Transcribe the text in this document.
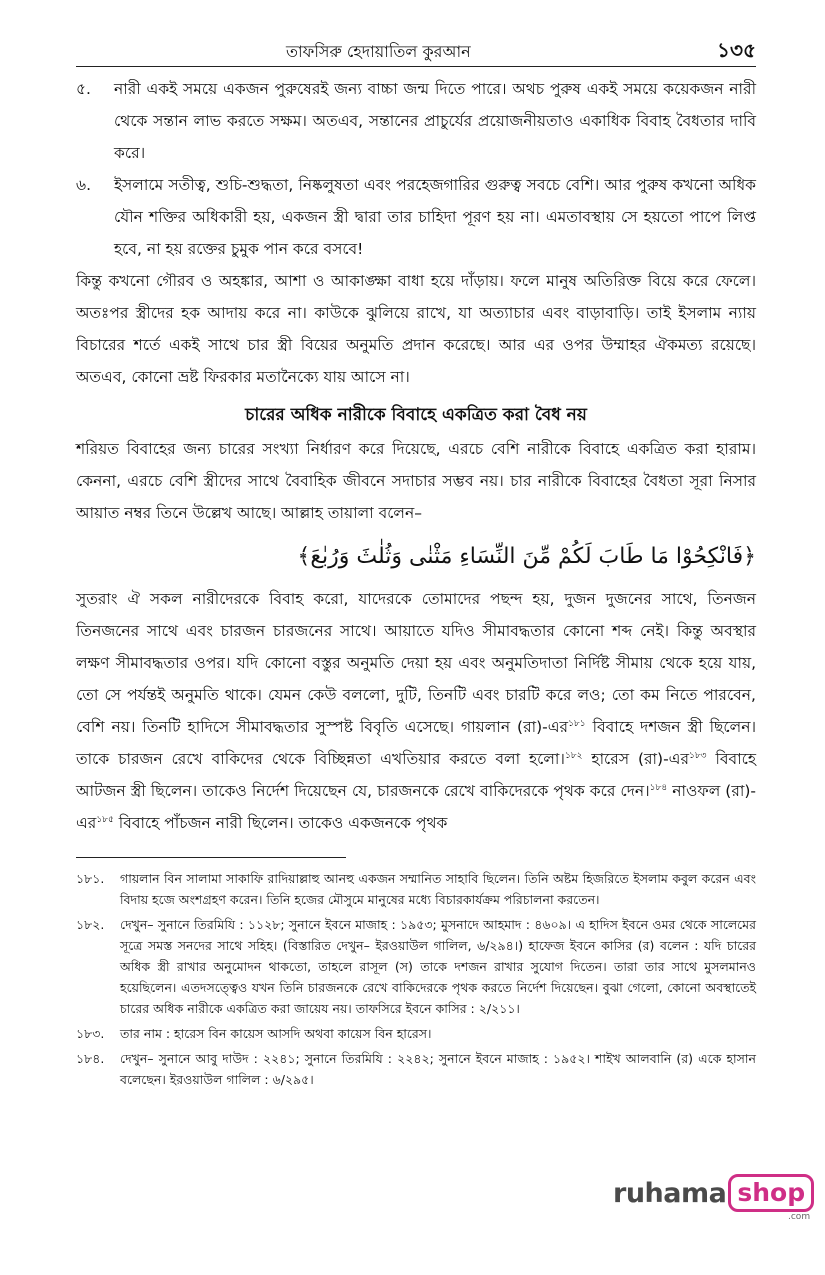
তাফসিরু হেদায়াতিল কুরআন	১৩৫
৫.	নারী একই সময়ে একজন পুরুষেরই জন্য বাচ্চা জন্ম দিতে পারে। অথচ পুরুষ একই সময়ে কয়েকজন নারী থেকে সন্তান লাভ করতে সক্ষম। অতএব, সন্তানের প্রাচুর্যের প্রয়োজনীয়তাও একাধিক বিবাহ বৈধতার দাবি করে।
৬.	ইসলামে সতীত্ব, শুচি-শুদ্ধতা, নিষ্কলুষতা এবং পরহেজগারির গুরুত্ব সবচে বেশি। আর পুরুষ কখনো অধিক যৌন শক্তির অধিকারী হয়, একজন স্ত্রী দ্বারা তার চাহিদা পূরণ হয় না। এমতাবস্থায় সে হয়তো পাপে লিপ্ত হবে, না হয় রক্তের চুমুক পান করে বসবে!

কিন্তু কখনো গৌরব ও অহঙ্কার, আশা ও আকাঙ্ক্ষা বাধা হয়ে দাঁড়ায়। ফলে মানুষ অতিরিক্ত বিয়ে করে ফেলে। অতঃপর স্ত্রীদের হক আদায় করে না। কাউকে ঝুলিয়ে রাখে, যা অত্যাচার এবং বাড়াবাড়ি। তাই ইসলাম ন্যায় বিচারের শর্তে একই সাথে চার স্ত্রী বিয়ের অনুমতি প্রদান করেছে। আর এর ওপর উম্মাহর ঐকমত্য রয়েছে। অতএব, কোনো ভ্রষ্ট ফিরকার মতানৈক্যে যায় আসে না।

চারের অধিক নারীকে বিবাহে একত্রিত করা বৈধ নয়

শরিয়ত বিবাহের জন্য চারের সংখ্যা নির্ধারণ করে দিয়েছে, এরচে বেশি নারীকে বিবাহে একত্রিত করা হারাম। কেননা, এরচে বেশি স্ত্রীদের সাথে বৈবাহিক জীবনে সদাচার সম্ভব নয়। চার নারীকে বিবাহের বৈধতা সূরা নিসার আয়াত নম্বর তিনে উল্লেখ আছে। আল্লাহ তায়ালা বলেন–

﴿فَانْكِحُوْا مَا طَابَ لَكُمْ مِّنَ النِّسَاءِ مَثْنٰى وَثُلٰثَ وَرُبٰعَ﴾

সুতরাং ঐ সকল নারীদেরকে বিবাহ করো, যাদেরকে তোমাদের পছন্দ হয়, দুজন দুজনের সাথে, তিনজন তিনজনের সাথে এবং চারজন চারজনের সাথে। আয়াতে যদিও সীমাবদ্ধতার কোনো শব্দ নেই। কিন্তু অবস্থার লক্ষণ সীমাবদ্ধতার ওপর। যদি কোনো বস্তুর অনুমতি দেয়া হয় এবং অনুমতিদাতা নির্দিষ্ট সীমায় থেকে হয়ে যায়, তো সে পর্যন্তই অনুমতি থাকে। যেমন কেউ বললো, দুটি, তিনটি এবং চারটি করে লও; তো কম নিতে পারবেন, বেশি নয়। তিনটি হাদিসে সীমাবদ্ধতার সুস্পষ্ট বিবৃতি এসেছে। গায়লান (রা)-এর$^{১৮১}$ বিবাহে দশজন স্ত্রী ছিলেন। তাকে চারজন রেখে বাকিদের থেকে বিচ্ছিন্নতা এখতিয়ার করতে বলা হলো।$^{১৮২}$ হারেস (রা)-এর$^{১৮৩}$ বিবাহে আটজন স্ত্রী ছিলেন। তাকেও নির্দেশ দিয়েছেন যে, চারজনকে রেখে বাকিদেরকে পৃথক করে দেন।$^{১৮৪}$ নাওফল (রা)-এর$^{১৮৫}$ বিবাহে পাঁচজন নারী ছিলেন। তাকেও একজনকে পৃথক

১৮১.	গায়লান বিন সালামা সাকাফি রাদিয়াল্লাহু আনহু একজন সম্মানিত সাহাবি ছিলেন। তিনি অষ্টম হিজরিতে ইসলাম কবুল করেন এবং বিদায় হজে অংশগ্রহণ করেন। তিনি হজের মৌসুমে মানুষের মধ্যে বিচারকার্যক্রম পরিচালনা করতেন।
১৮২.	দেখুন– সুনানে তিরমিযি : ১১২৮; সুনানে ইবনে মাজাহ : ১৯৫৩; মুসনাদে আহমাদ : ৪৬০৯। এ হাদিস ইবনে ওমর থেকে সালেমের সূত্রে সমস্ত সনদের সাথে সহিহ। (বিস্তারিত দেখুন– ইরওয়াউল গালিল, ৬/২৯৪।) হাফেজ ইবনে কাসির (র) বলেন : যদি চারের অধিক স্ত্রী রাখার অনুমোদন থাকতো, তাহলে রাসূল (স) তাকে দশজন রাখার সুযোগ দিতেন। তারা তার সাথে মুসলমানও হয়েছিলেন। এতদসত্ত্বেও যখন তিনি চারজনকে রেখে বাকিদেরকে পৃথক করতে নির্দেশ দিয়েছেন। বুঝা গেলো, কোনো অবস্থাতেই চারের অধিক নারীকে একত্রিত করা জায়েয নয়। তাফসিরে ইবনে কাসির : ২/২১১।
১৮৩.	তার নাম : হারেস বিন কায়েস আসদি অথবা কায়েস বিন হারেস।
১৮৪.	দেখুন– সুনানে আবু দাউদ : ২২৪১; সুনানে তিরমিযি : ২২৪২; সুনানে ইবনে মাজাহ : ১৯৫২। শাইখ আলবানি (র) একে হাসান বলেছেন। ইরওয়াউল গালিল : ৬/২৯৫।
ruhama shop
.com
